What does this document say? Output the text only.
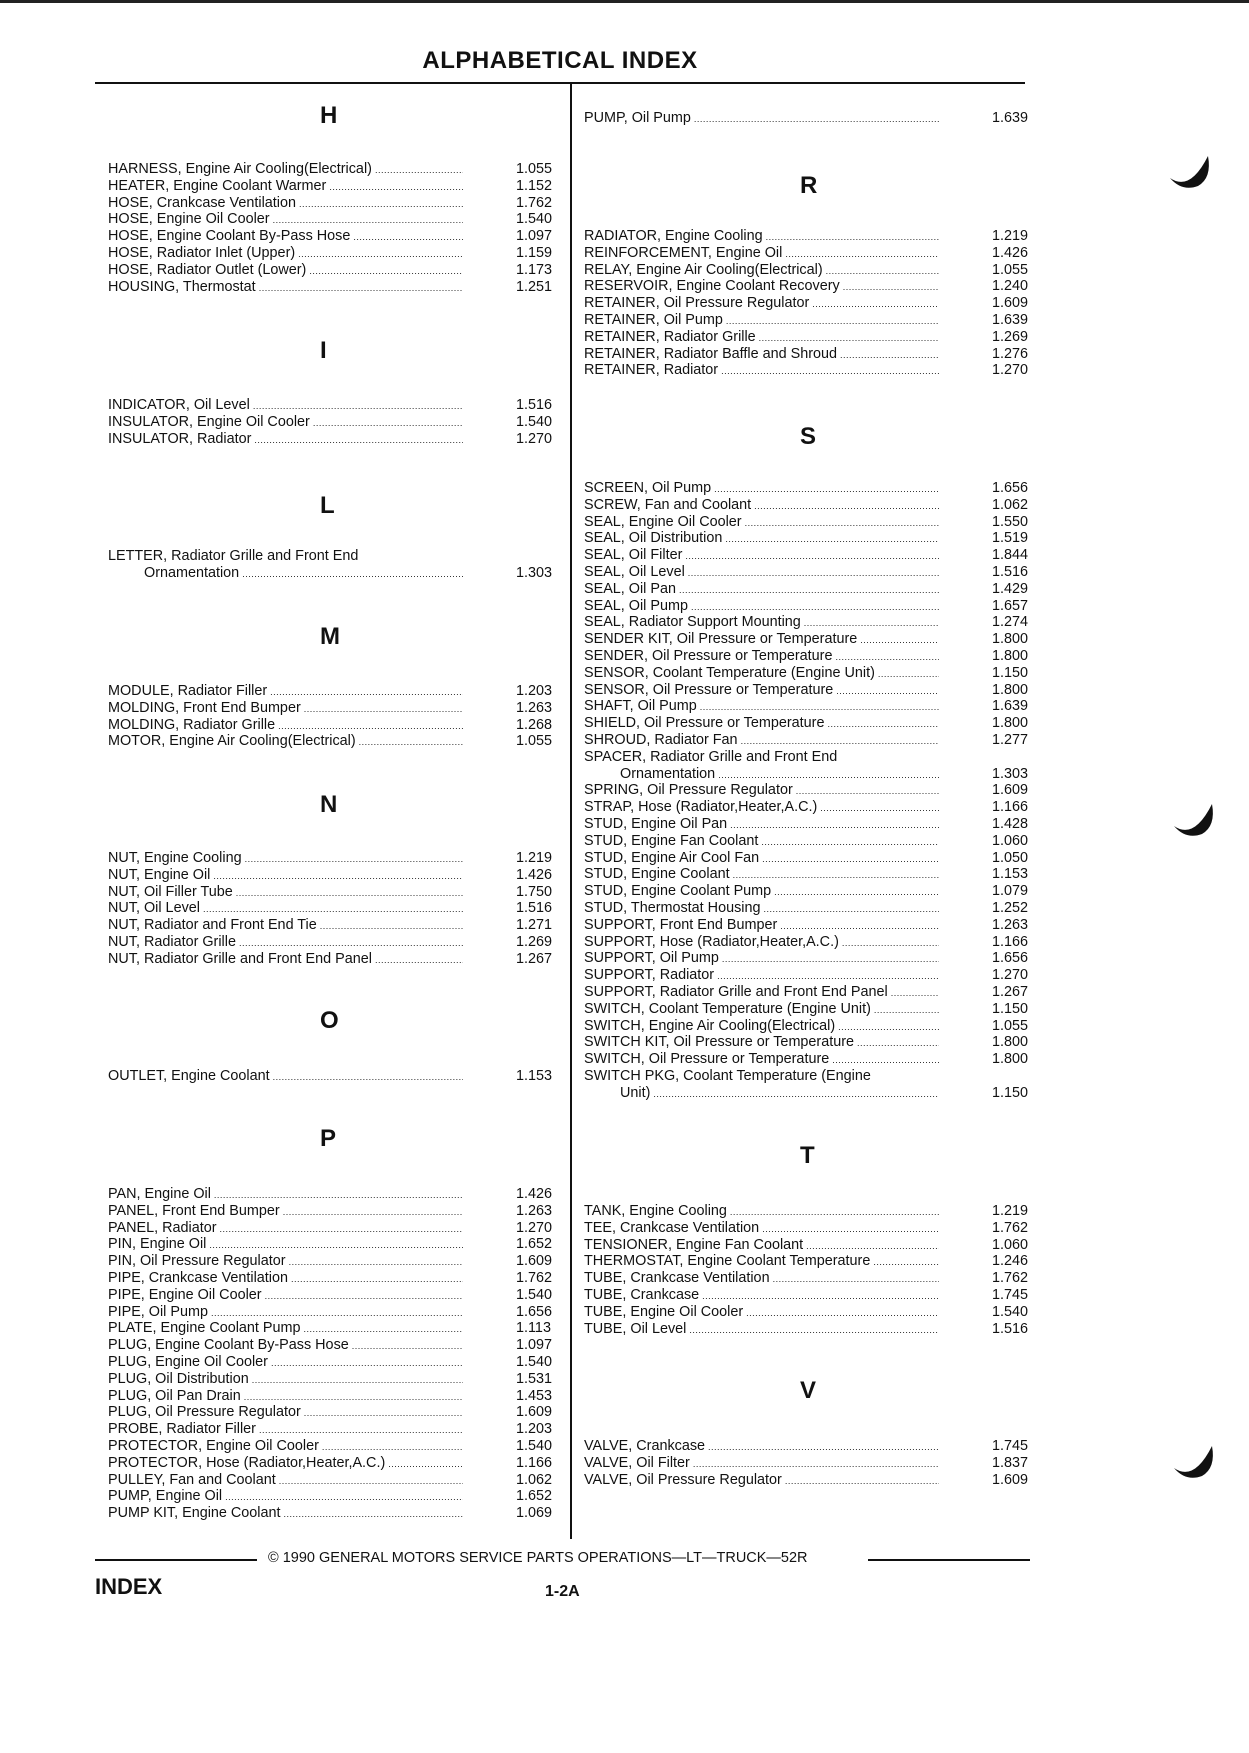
ALPHABETICAL INDEX
H
HARNESS, Engine Air Cooling(Electrical) .....	1.055
HEATER, Engine Coolant Warmer .....	1.152
HOSE, Crankcase Ventilation .....	1.762
HOSE, Engine Oil Cooler .....	1.540
HOSE, Engine Coolant By-Pass Hose .....	1.097
HOSE, Radiator Inlet (Upper) .....	1.159
HOSE, Radiator Outlet (Lower) .....	1.173
HOUSING, Thermostat .....	1.251
I
INDICATOR, Oil Level .....	1.516
INSULATOR, Engine Oil Cooler .....	1.540
INSULATOR, Radiator .....	1.270
L
LETTER, Radiator Grille and Front End
Ornamentation .....	1.303
M
MODULE, Radiator Filler .....	1.203
MOLDING, Front End Bumper .....	1.263
MOLDING, Radiator Grille .....	1.268
MOTOR, Engine Air Cooling(Electrical) .....	1.055
N
NUT, Engine Cooling .....	1.219
NUT, Engine Oil .....	1.426
NUT, Oil Filler Tube .....	1.750
NUT, Oil Level .....	1.516
NUT, Radiator and Front End Tie .....	1.271
NUT, Radiator Grille .....	1.269
NUT, Radiator Grille and Front End Panel .....	1.267
O
OUTLET, Engine Coolant .....	1.153
P
PAN, Engine Oil .....	1.426
PANEL, Front End Bumper .....	1.263
PANEL, Radiator .....	1.270
PIN, Engine Oil .....	1.652
PIN, Oil Pressure Regulator .....	1.609
PIPE, Crankcase Ventilation .....	1.762
PIPE, Engine Oil Cooler .....	1.540
PIPE, Oil Pump .....	1.656
PLATE, Engine Coolant Pump .....	1.113
PLUG, Engine Coolant By-Pass Hose .....	1.097
PLUG, Engine Oil Cooler .....	1.540
PLUG, Oil Distribution .....	1.531
PLUG, Oil Pan Drain .....	1.453
PLUG, Oil Pressure Regulator .....	1.609
PROBE, Radiator Filler .....	1.203
PROTECTOR, Engine Oil Cooler .....	1.540
PROTECTOR, Hose (Radiator,Heater,A.C.) .....	1.166
PULLEY, Fan and Coolant .....	1.062
PUMP, Engine Oil .....	1.652
PUMP KIT, Engine Coolant .....	1.069
PUMP, Oil Pump .....	1.639
R
RADIATOR, Engine Cooling .....	1.219
REINFORCEMENT, Engine Oil .....	1.426
RELAY, Engine Air Cooling(Electrical) .....	1.055
RESERVOIR, Engine Coolant Recovery .....	1.240
RETAINER, Oil Pressure Regulator .....	1.609
RETAINER, Oil Pump .....	1.639
RETAINER, Radiator Grille .....	1.269
RETAINER, Radiator Baffle and Shroud .....	1.276
RETAINER, Radiator .....	1.270
S
SCREEN, Oil Pump .....	1.656
SCREW, Fan and Coolant .....	1.062
SEAL, Engine Oil Cooler .....	1.550
SEAL, Oil Distribution .....	1.519
SEAL, Oil Filter .....	1.844
SEAL, Oil Level .....	1.516
SEAL, Oil Pan .....	1.429
SEAL, Oil Pump .....	1.657
SEAL, Radiator Support Mounting .....	1.274
SENDER KIT, Oil Pressure or Temperature .....	1.800
SENDER, Oil Pressure or Temperature .....	1.800
SENSOR, Coolant Temperature (Engine Unit) .....	1.150
SENSOR, Oil Pressure or Temperature .....	1.800
SHAFT, Oil Pump .....	1.639
SHIELD, Oil Pressure or Temperature .....	1.800
SHROUD, Radiator Fan .....	1.277
SPACER, Radiator Grille and Front End
Ornamentation .....	1.303
SPRING, Oil Pressure Regulator .....	1.609
STRAP, Hose (Radiator,Heater,A.C.) .....	1.166
STUD, Engine Oil Pan .....	1.428
STUD, Engine Fan Coolant .....	1.060
STUD, Engine Air Cool Fan .....	1.050
STUD, Engine Coolant .....	1.153
STUD, Engine Coolant Pump .....	1.079
STUD, Thermostat Housing .....	1.252
SUPPORT, Front End Bumper .....	1.263
SUPPORT, Hose (Radiator,Heater,A.C.) .....	1.166
SUPPORT, Oil Pump .....	1.656
SUPPORT, Radiator .....	1.270
SUPPORT, Radiator Grille and Front End Panel .....	1.267
SWITCH, Coolant Temperature (Engine Unit) .....	1.150
SWITCH, Engine Air Cooling(Electrical) .....	1.055
SWITCH KIT, Oil Pressure or Temperature .....	1.800
SWITCH, Oil Pressure or Temperature .....	1.800
SWITCH PKG, Coolant Temperature (Engine
Unit) .....	1.150
T
TANK, Engine Cooling .....	1.219
TEE, Crankcase Ventilation .....	1.762
TENSIONER, Engine Fan Coolant .....	1.060
THERMOSTAT, Engine Coolant Temperature .....	1.246
TUBE, Crankcase Ventilation .....	1.762
TUBE, Crankcase .....	1.745
TUBE, Engine Oil Cooler .....	1.540
TUBE, Oil Level .....	1.516
V
VALVE, Crankcase .....	1.745
VALVE, Oil Filter .....	1.837
VALVE, Oil Pressure Regulator .....	1.609
© 1990 GENERAL MOTORS SERVICE PARTS OPERATIONS—LT—TRUCK—52R
INDEX	1-2A
